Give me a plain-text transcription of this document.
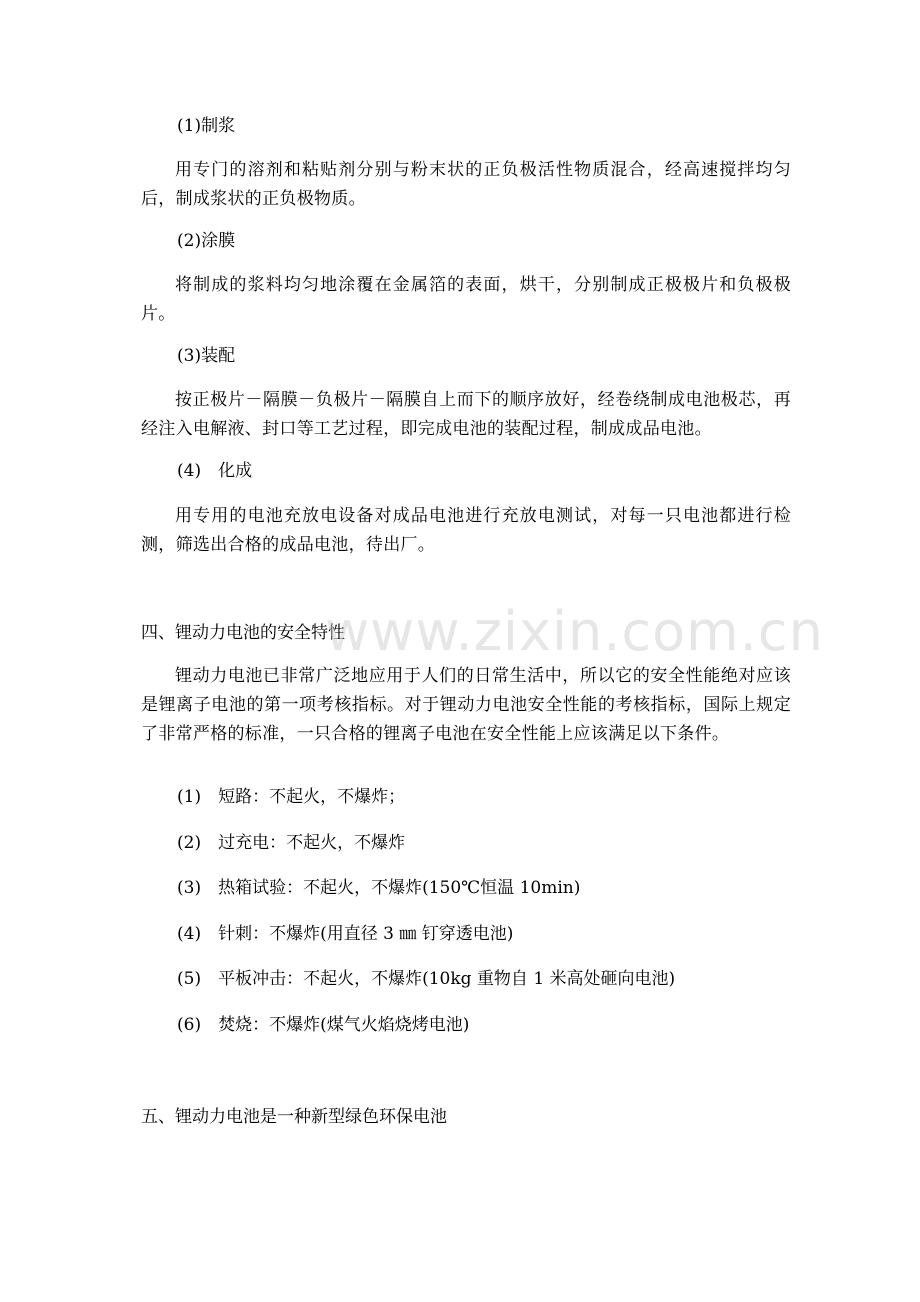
(1)制浆
用专门的溶剂和粘贴剂分别与粉末状的正负极活性物质混合，经高速搅拌均匀后，制成浆状的正负极物质。
(2)涂膜
将制成的浆料均匀地涂覆在金属箔的表面，烘干，分别制成正极极片和负极极片。
(3)装配
按正极片－隔膜－负极片－隔膜自上而下的顺序放好，经卷绕制成电池极芯，再经注入电解液、封口等工艺过程，即完成电池的装配过程，制成成品电池。
(4)　化成
用专用的电池充放电设备对成品电池进行充放电测试，对每一只电池都进行检测，筛选出合格的成品电池，待出厂。
四、锂动力电池的安全特性
锂动力电池已非常广泛地应用于人们的日常生活中，所以它的安全性能绝对应该是锂离子电池的第一项考核指标。对于锂动力电池安全性能的考核指标，国际上规定了非常严格的标准，一只合格的锂离子电池在安全性能上应该满足以下条件。
(1)　短路：不起火，不爆炸；
(2)　过充电：不起火，不爆炸
(3)　热箱试验：不起火，不爆炸(150℃恒温 10min)
(4)　针刺：不爆炸(用直径 3 ㎜ 钉穿透电池)
(5)　平板冲击：不起火，不爆炸(10kg 重物自 1 米高处砸向电池)
(6)　焚烧：不爆炸(煤气火焰烧烤电池)
五、锂动力电池是一种新型绿色环保电池
www.zixin.com.cn
